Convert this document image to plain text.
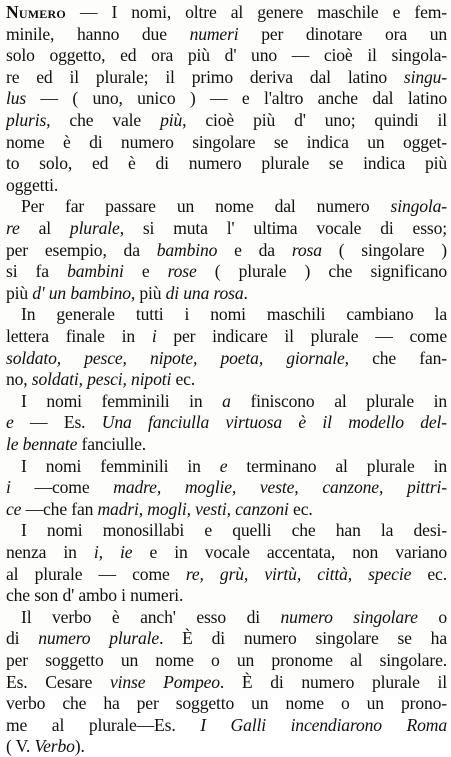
Numero — I nomi, oltre al genere maschile e fem-
minile, hanno due numeri per dinotare ora un
solo oggetto, ed ora più d' uno — cioè il singola-
re ed il plurale; il primo deriva dal latino singu-
lus — ( uno, unico ) — e l'altro anche dal latino
pluris, che vale più, cioè più d' uno; quindi il
nome è di numero singolare se indica un ogget-
to solo, ed è di numero plurale se indica più
oggetti.
Per far passare un nome dal numero singola-
re al plurale, si muta l' ultima vocale di esso;
per esempio, da bambino e da rosa ( singolare )
si fa bambini e rose ( plurale ) che significano
più d' un bambino, più di una rosa.
In generale tutti i nomi maschili cambiano la
lettera finale in i per indicare il plurale — come
soldato, pesce, nipote, poeta, giornale, che fan-
no, soldati, pesci, nipoti ec.
I nomi femminili in a finiscono al plurale in
e — Es. Una fanciulla virtuosa è il modello del-
le bennate fanciulle.
I nomi femminili in e terminano al plurale in
i —come madre, moglie, veste, canzone, pittri-
ce —che fan madri, mogli, vesti, canzoni ec.
I nomi monosillabi e quelli che han la desi-
nenza in i, ie e in vocale accentata, non variano
al plurale — come re, grù, virtù, città, specie ec.
che son d' ambo i numeri.
Il verbo è anch' esso di numero singolare o
di numero plurale. È di numero singolare se ha
per soggetto un nome o un pronome al singolare.
Es. Cesare vinse Pompeo. È di numero plurale il
verbo che ha per soggetto un nome o un prono-
me al plurale—Es. I Galli incendiarono Roma
( V. Verbo).
